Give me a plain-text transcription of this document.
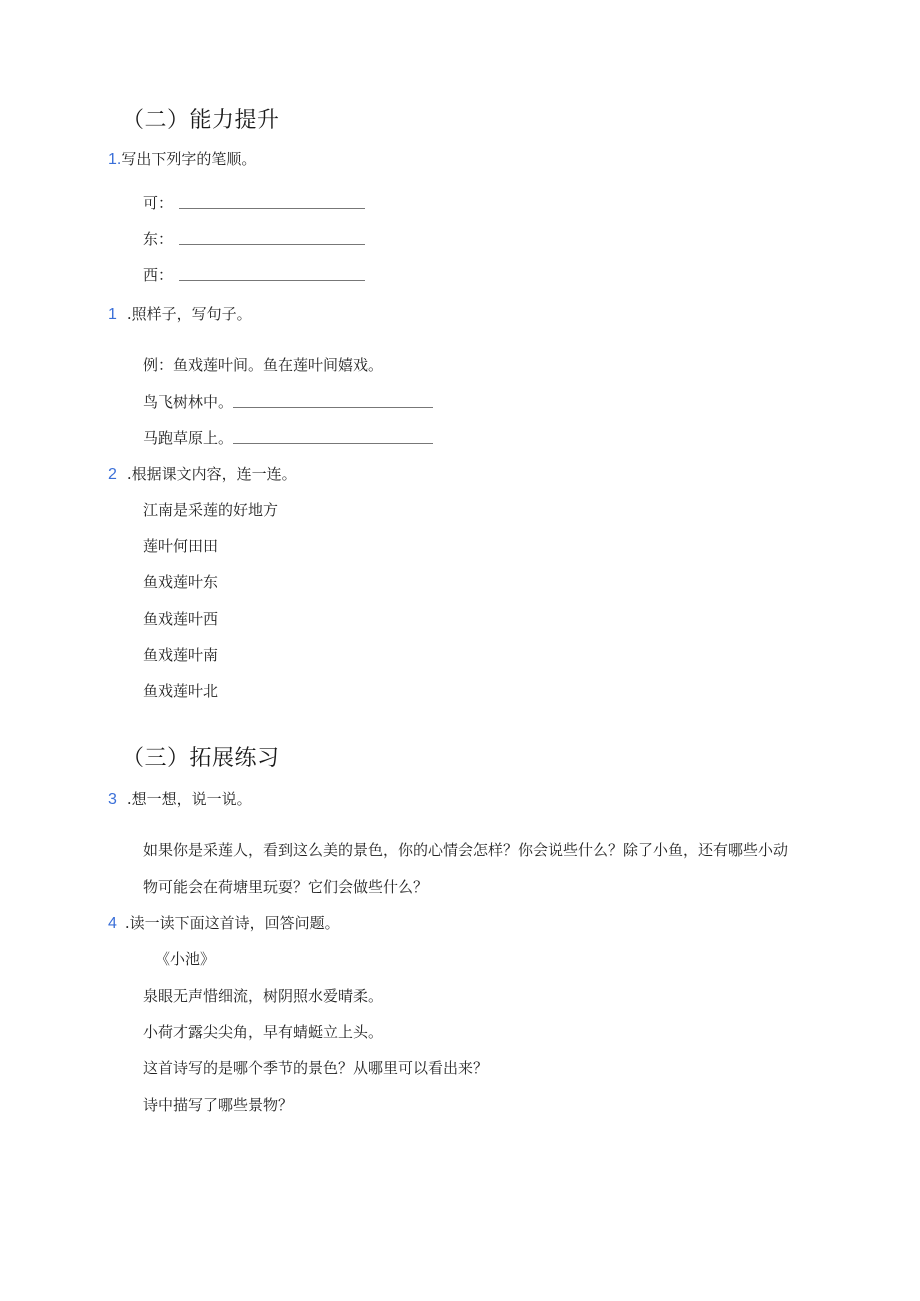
（二）能力提升
1.写出下列字的笔顺。
可：
东：
西：
1 .照样子，写句子。
例：鱼戏莲叶间。鱼在莲叶间嬉戏。
鸟飞树林中。
马跑草原上。
2 .根据课文内容，连一连。
江南是采莲的好地方
莲叶何田田
鱼戏莲叶东
鱼戏莲叶西
鱼戏莲叶南
鱼戏莲叶北
（三）拓展练习
3 .想一想，说一说。
如果你是采莲人，看到这么美的景色，你的心情会怎样？你会说些什么？除了小鱼，还有哪些小动
物可能会在荷塘里玩耍？它们会做些什么？
4 .读一读下面这首诗，回答问题。
《小池》
泉眼无声惜细流，树阴照水爱晴柔。
小荷才露尖尖角，早有蜻蜓立上头。
这首诗写的是哪个季节的景色？从哪里可以看出来？
诗中描写了哪些景物？
